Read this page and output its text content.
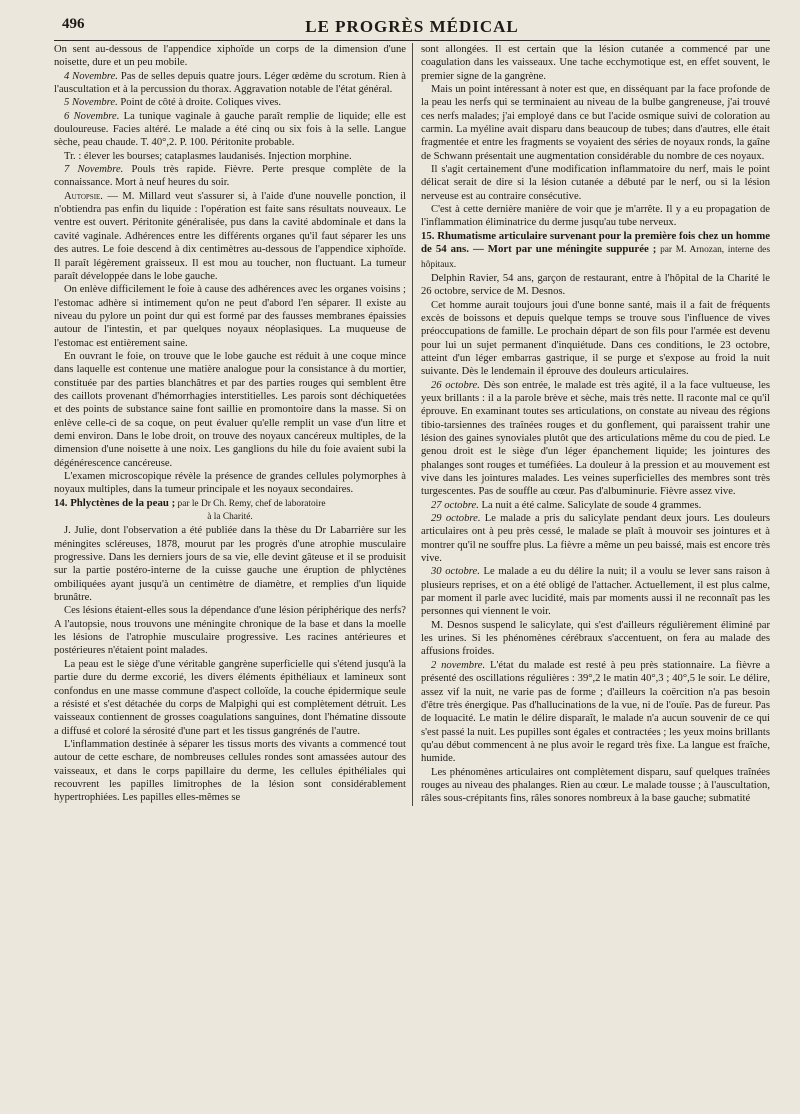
496	LE PROGRÈS MÉDICAL

On sent au-dessous de l'appendice xiphoïde un corps de la dimension d'une noisette, dure et un peu mobile.

4 Novembre. Pas de selles depuis quatre jours. Léger œdème du scrotum. Rien à l'auscultation et à la percussion du thorax. Aggravation notable de l'état général.

5 Novembre. Point de côté à droite. Coliques vives.

6 Novembre. La tunique vaginale à gauche paraît remplie de liquide; elle est douloureuse. Facies altéré. Le malade a été cinq ou six fois à la selle. Langue sèche, peau chaude. T. 40°,2. P. 100. Péritonite probable.

Tr. : élever les bourses; cataplasmes laudanisés. Injection morphine.

7 Novembre. Pouls très rapide. Fièvre. Perte presque complète de la connaissance. Mort à neuf heures du soir.

Autopsie. — M. Millard veut s'assurer si, à l'aide d'une nouvelle ponction, il n'obtiendra pas enfin du liquide : l'opération est faite sans résultats nouveaux. Le ventre est ouvert. Péritonite généralisée, pus dans la cavité abdominale et dans la cavité vaginale. Adhérences entre les différents organes qu'il faut séparer les uns des autres. Le foie descend à dix centimètres au-dessous de l'appendice xiphoïde. Il paraît légèrement graisseux. Il est mou au toucher, non fluctuant. La tumeur paraît développée dans le lobe gauche.

On enlève difficilement le foie à cause des adhérences avec les organes voisins ; l'estomac adhère si intimement qu'on ne peut d'abord l'en séparer. Il existe au niveau du pylore un point dur qui est formé par des fausses membranes épaissies autour de l'intestin, et par quelques noyaux néoplasiques. La muqueuse de l'estomac est entièrement saine.

En ouvrant le foie, on trouve que le lobe gauche est réduit à une coque mince dans laquelle est contenue une matière analogue pour la consistance à du mortier, constituée par des parties blanchâtres et par des parties rouges qui semblent être des caillots provenant d'hémorrhagies interstitielles. Les parois sont déchiquetées et des points de substance saine font saillie en promontoire dans la masse. Si on enlève celle-ci de sa coque, on peut évaluer qu'elle remplit un vase d'un litre et demi environ. Dans le lobe droit, on trouve des noyaux cancéreux multiples, de la dimension d'une noisette à une noix. Les ganglions du hile du foie avaient subi la dégénérescence cancéreuse.

L'examen microscopique révèle la présence de grandes cellules polymorphes à noyaux multiples, dans la tumeur principale et les noyaux secondaires.

14. Phlyctènes de la peau ; par le Dr Ch. Remy, chef de laboratoire
à la Charité.

J. Julie, dont l'observation a été publiée dans la thèse du Dr Labarrière sur les méningites scléreuses, 1878, mourut par les progrès d'une atrophie musculaire progressive. Dans les derniers jours de sa vie, elle devint gâteuse et il se produisit sur la partie postéro-interne de la cuisse gauche une éruption de phlyctènes ombiliquées ayant jusqu'à un centimètre de diamètre, et remplies d'un liquide brunâtre.

Ces lésions étaient-elles sous la dépendance d'une lésion périphérique des nerfs? A l'autopsie, nous trouvons une méningite chronique de la base et dans la moelle les lésions de l'atrophie musculaire progressive. Les racines antérieures et postérieures n'étaient point malades.

La peau est le siège d'une véritable gangrène superficielle qui s'étend jusqu'à la partie dure du derme excorié, les divers éléments épithéliaux et lamineux sont confondus en une masse commune d'aspect colloïde, la couche épidermique seule a résisté et s'est détachée du corps de Malpighi qui est complètement détruit. Les vaisseaux contiennent de grosses coagulations sanguines, dont l'hématine dissoute a diffusé et coloré la sérosité d'une part et les tissus gangrénés de l'autre.

L'inflammation destinée à séparer les tissus morts des vivants a commencé tout autour de cette eschare, de nombreuses cellules rondes sont amassées autour des vaisseaux, et dans le corps papillaire du derme, les cellules épithéliales qui recouvrent les papilles limitrophes de la lésion sont considérablement hypertrophiées. Les papilles elles-mêmes se

sont allongées. Il est certain que la lésion cutanée a commencé par une coagulation dans les vaisseaux. Une tache ecchymotique est, en effet souvent, le premier signe de la gangrène.

Mais un point intéressant à noter est que, en disséquant par la face profonde de la peau les nerfs qui se terminaient au niveau de la bulbe gangreneuse, j'ai trouvé ces nerfs malades; j'ai employé dans ce but l'acide osmique suivi de coloration au carmin. La myéline avait disparu dans beaucoup de tubes; dans d'autres, elle était fragmentée et entre les fragments se voyaient des séries de noyaux ronds, la gaîne de Schwann présentait une augmentation considérable du nombre de ces noyaux.

Il s'agit certainement d'une modification inflammatoire du nerf, mais le point délicat serait de dire si la lésion cutanée a débuté par le nerf, ou si la lésion nerveuse est au contraire consécutive.

C'est à cette dernière manière de voir que je m'arrête. Il y a eu propagation de l'inflammation éliminatrice du derme jusqu'au tube nerveux.

15. Rhumatisme articulaire survenant pour la première fois chez un homme de 54 ans. — Mort par une méningite suppurée ; par M. Arnozan, interne des hôpitaux.

Delphin Ravier, 54 ans, garçon de restaurant, entre à l'hôpital de la Charité le 26 octobre, service de M. Desnos.

Cet homme aurait toujours joui d'une bonne santé, mais il a fait de fréquents excès de boissons et depuis quelque temps se trouve sous l'influence de vives préoccupations de famille. Le prochain départ de son fils pour l'armée est devenu pour lui un sujet permanent d'inquiétude. Dans ces conditions, le 23 octobre, atteint d'un léger embarras gastrique, il se purge et s'expose au froid la nuit suivante. Dès le lendemain il éprouve des douleurs articulaires.

26 octobre. Dès son entrée, le malade est très agité, il a la face vultueuse, les yeux brillants : il a la parole brève et sèche, mais très nette. Il raconte mal ce qu'il éprouve. En examinant toutes ses articulations, on constate au niveau des régions tibio-tarsiennes des traînées rouges et du gonflement, qui paraissent trahir une lésion des gaines synoviales plutôt que des articulations même du cou de pied. Le genou droit est le siège d'un léger épanchement liquide; les jointures des phalanges sont rouges et tuméfiées. La douleur à la pression et au mouvement est vive dans les jointures malades. Les veines superficielles des membres sont très turgescentes. Pas de souffle au cœur. Pas d'albuminurie. Fièvre assez vive.

27 octobre. La nuit a été calme. Salicylate de soude 4 grammes.

29 octobre. Le malade a pris du salicylate pendant deux jours. Les douleurs articulaires ont à peu près cessé, le malade se plaît à mouvoir ses jointures et à montrer qu'il ne souffre plus. La fièvre a même un peu baissé, mais est encore très vive.

30 octobre. Le malade a eu du délire la nuit; il a voulu se lever sans raison à plusieurs reprises, et on a été obligé de l'attacher. Actuellement, il est plus calme, par moment il parle avec lucidité, mais par moments aussi il ne reconnaît pas les personnes qui viennent le voir.

M. Desnos suspend le salicylate, qui s'est d'ailleurs régulièrement éliminé par les urines. Si les phénomènes cérébraux s'accentuent, on fera au malade des affusions froides.

2 novembre. L'état du malade est resté à peu près stationnaire. La fièvre a présenté des oscillations régulières : 39°,2 le matin 40°,3 ; 40°,5 le soir. Le délire, assez vif la nuit, ne varie pas de forme ; d'ailleurs la coërcition n'a pas besoin d'être très énergique. Pas d'hallucinations de la vue, ni de l'ouïe. Pas de fureur. Pas de loquacité. Le matin le délire disparaît, le malade n'a aucun souvenir de ce qui s'est passé la nuit. Les pupilles sont égales et contractées ; les yeux moins brillants qu'au début commencent à ne plus avoir le regard très fixe. La langue est fraîche, humide.

Les phénomènes articulaires ont complètement disparu, sauf quelques traînées rouges au niveau des phalanges. Rien au cœur. Le malade tousse ; à l'auscultation, râles sous-crépitants fins, râles sonores nombreux à la base gauche; submatité
